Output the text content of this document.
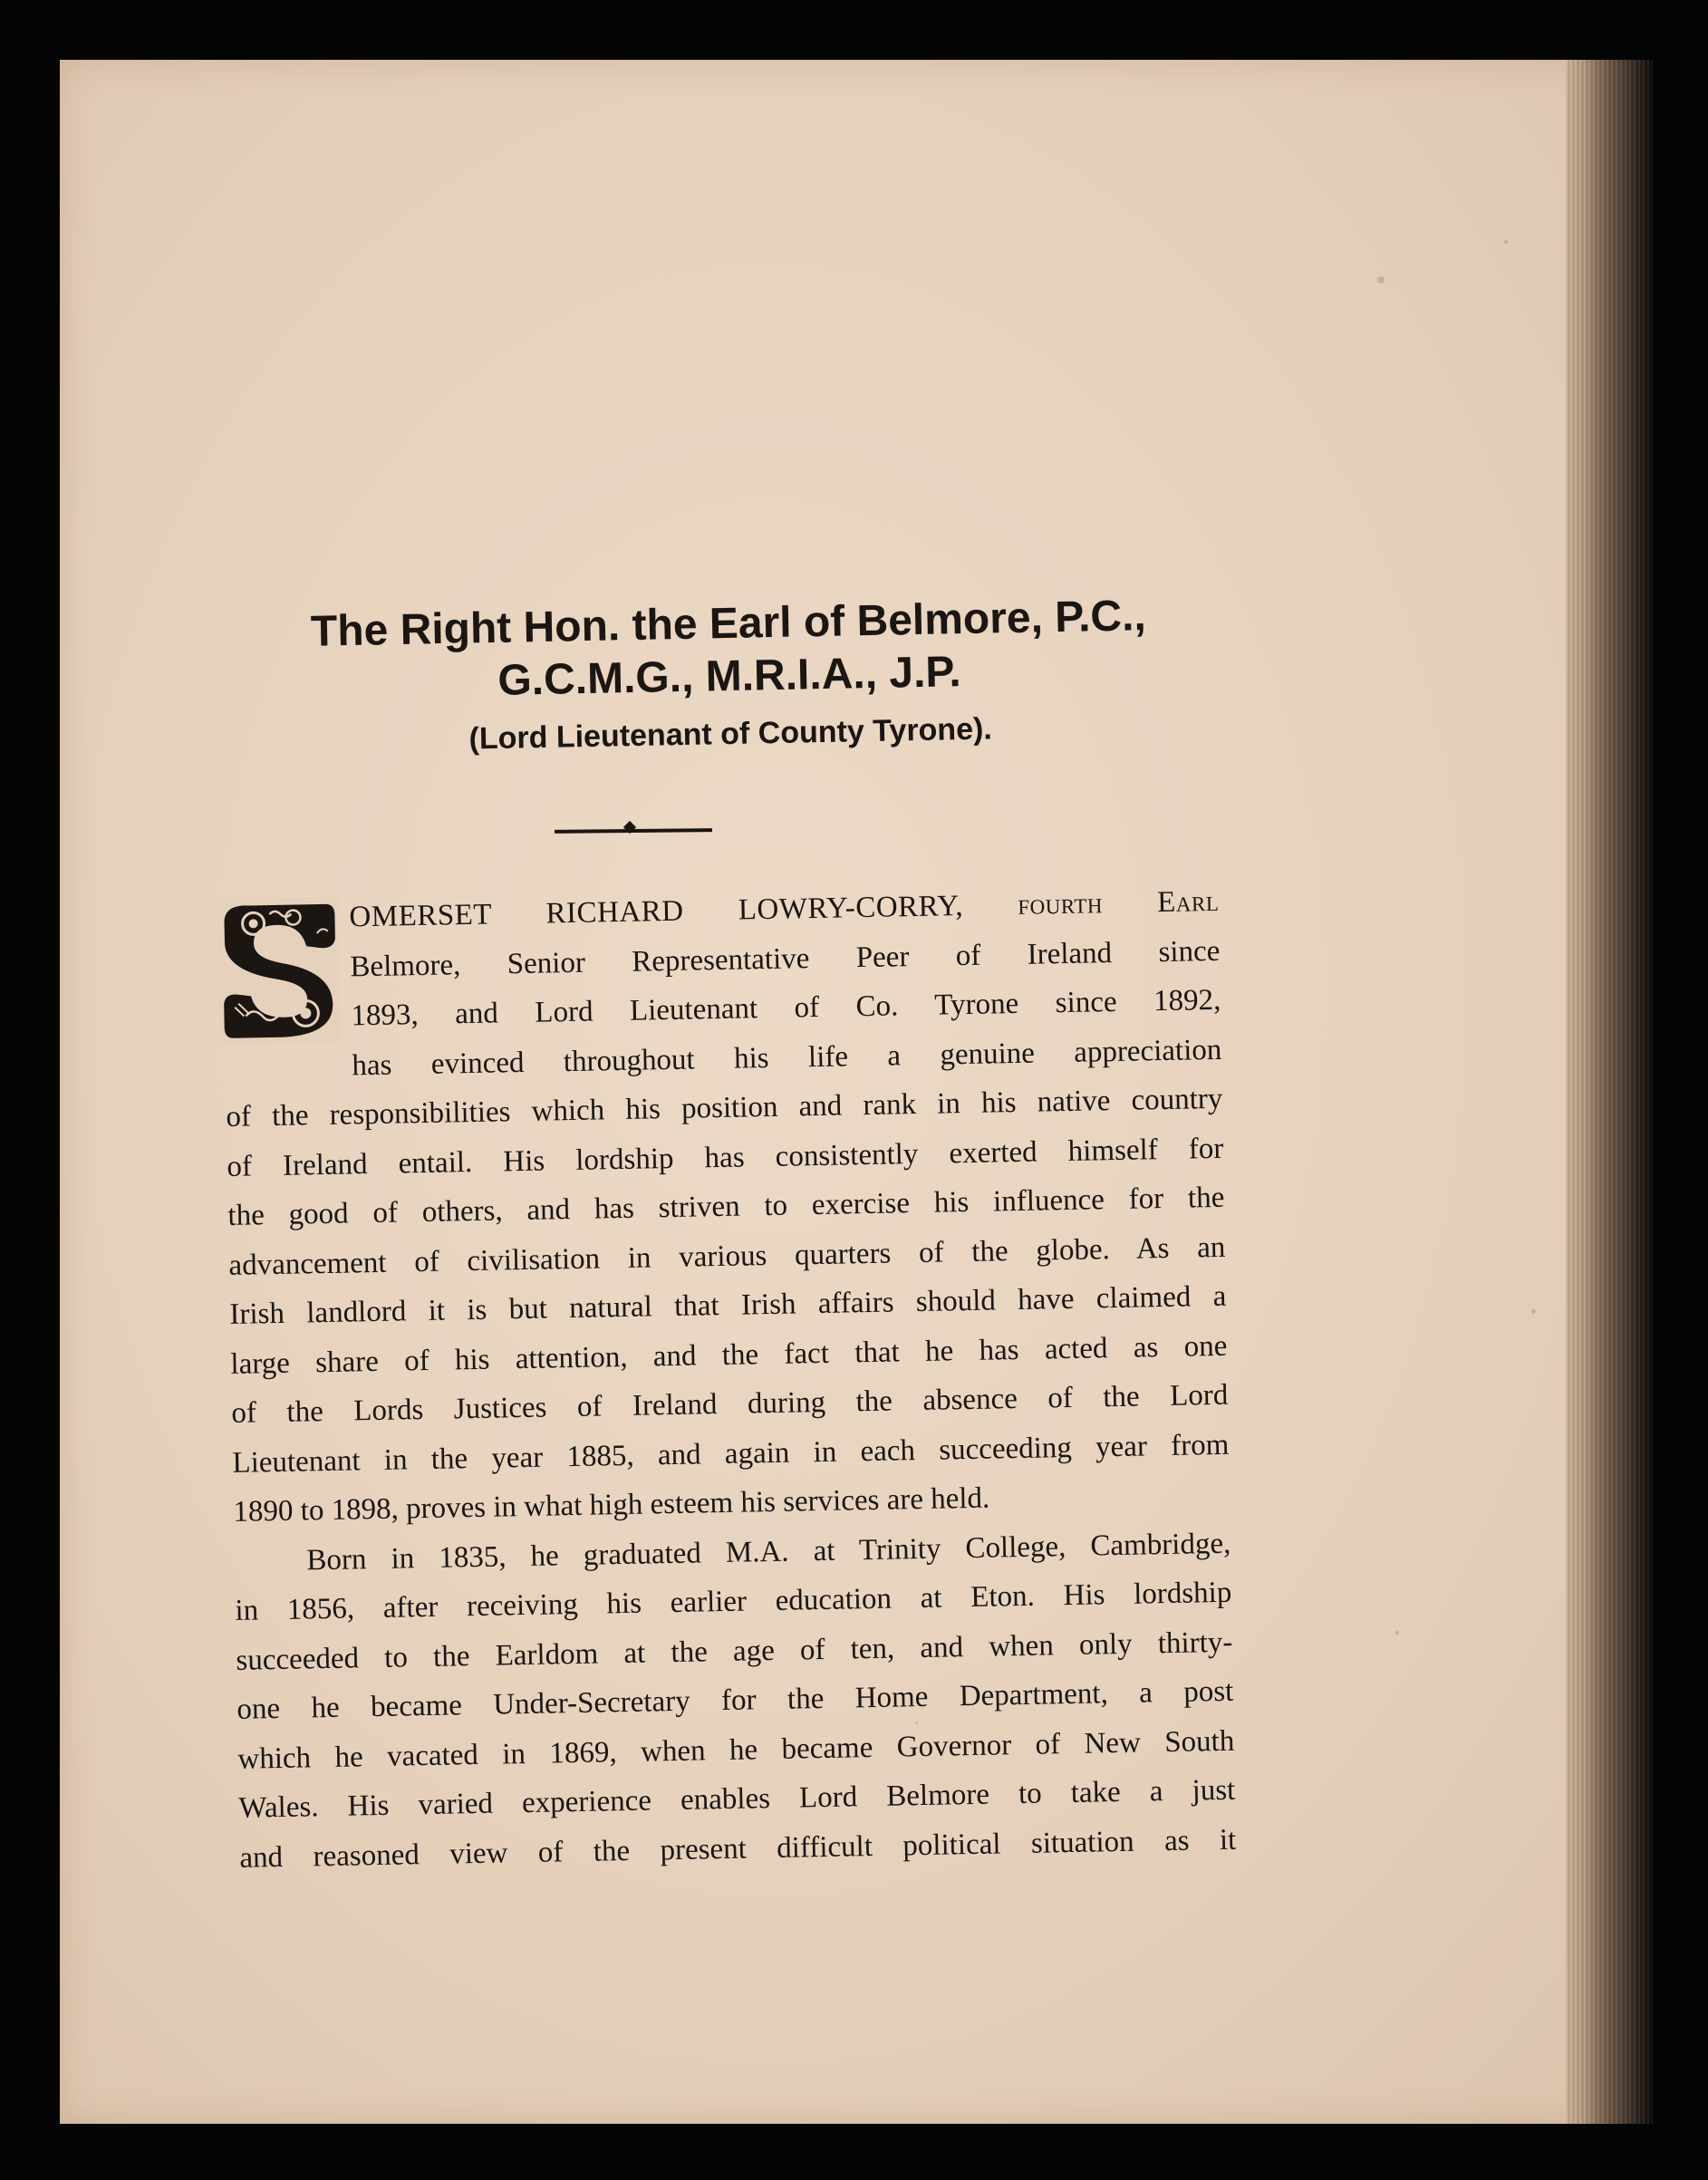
The Right Hon. the Earl of Belmore, P.C.,

G.C.M.G., M.R.I.A., J.P.

(Lord Lieutenant of County Tyrone).
OMERSET RICHARD LOWRY-CORRY, fourth Earl
Belmore, Senior Representative Peer of Ireland since
1893, and Lord Lieutenant of Co. Tyrone since 1892,
has evinced throughout his life a genuine appreciation
of the responsibilities which his position and rank in his native country
of Ireland entail. His lordship has consistently exerted himself for
the good of others, and has striven to exercise his influence for the
advancement of civilisation in various quarters of the globe. As an
Irish landlord it is but natural that Irish affairs should have claimed a
large share of his attention, and the fact that he has acted as one
of the Lords Justices of Ireland during the absence of the Lord
Lieutenant in the year 1885, and again in each succeeding year from
1890 to 1898, proves in what high esteem his services are held.
Born in 1835, he graduated M.A. at Trinity College, Cambridge,
in 1856, after receiving his earlier education at Eton. His lordship
succeeded to the Earldom at the age of ten, and when only thirty-
one he became Under-Secretary for the Home Department, a post
which he vacated in 1869, when he became Governor of New South
Wales. His varied experience enables Lord Belmore to take a just
and reasoned view of the present difficult political situation as it
